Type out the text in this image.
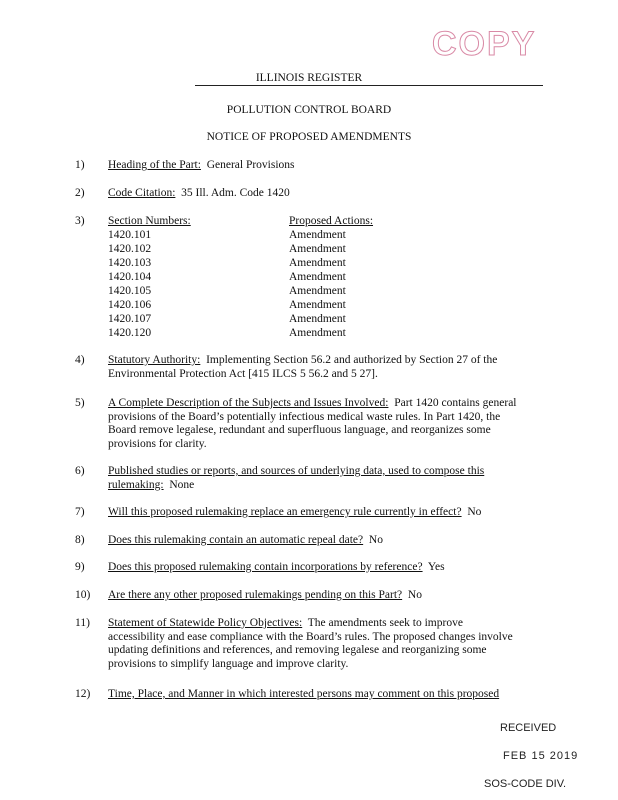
COPY
ILLINOIS REGISTER
POLLUTION CONTROL BOARD
NOTICE OF PROPOSED AMENDMENTS
1)	Heading of the Part: General Provisions
2)	Code Citation: 35 Ill. Adm. Code 1420
3)	Section Numbers:	Proposed Actions:
1420.101	Amendment
1420.102	Amendment
1420.103	Amendment
1420.104	Amendment
1420.105	Amendment
1420.106	Amendment
1420.107	Amendment
1420.120	Amendment
4)	Statutory Authority: Implementing Section 56.2 and authorized by Section 27 of the
Environmental Protection Act [415 ILCS 5 56.2 and 5 27].
5)	A Complete Description of the Subjects and Issues Involved: Part 1420 contains general
provisions of the Board’s potentially infectious medical waste rules. In Part 1420, the
Board remove legalese, redundant and superfluous language, and reorganizes some
provisions for clarity.
6)	Published studies or reports, and sources of underlying data, used to compose this
rulemaking: None
7)	Will this proposed rulemaking replace an emergency rule currently in effect? No
8)	Does this rulemaking contain an automatic repeal date? No
9)	Does this proposed rulemaking contain incorporations by reference? Yes
10)	Are there any other proposed rulemakings pending on this Part? No
11)	Statement of Statewide Policy Objectives: The amendments seek to improve
accessibility and ease compliance with the Board’s rules. The proposed changes involve
updating definitions and references, and removing legalese and reorganizing some
provisions to simplify language and improve clarity.
12)	Time, Place, and Manner in which interested persons may comment on this proposed
RECEIVED
FEB 15 2019
SOS-CODE DIV.
